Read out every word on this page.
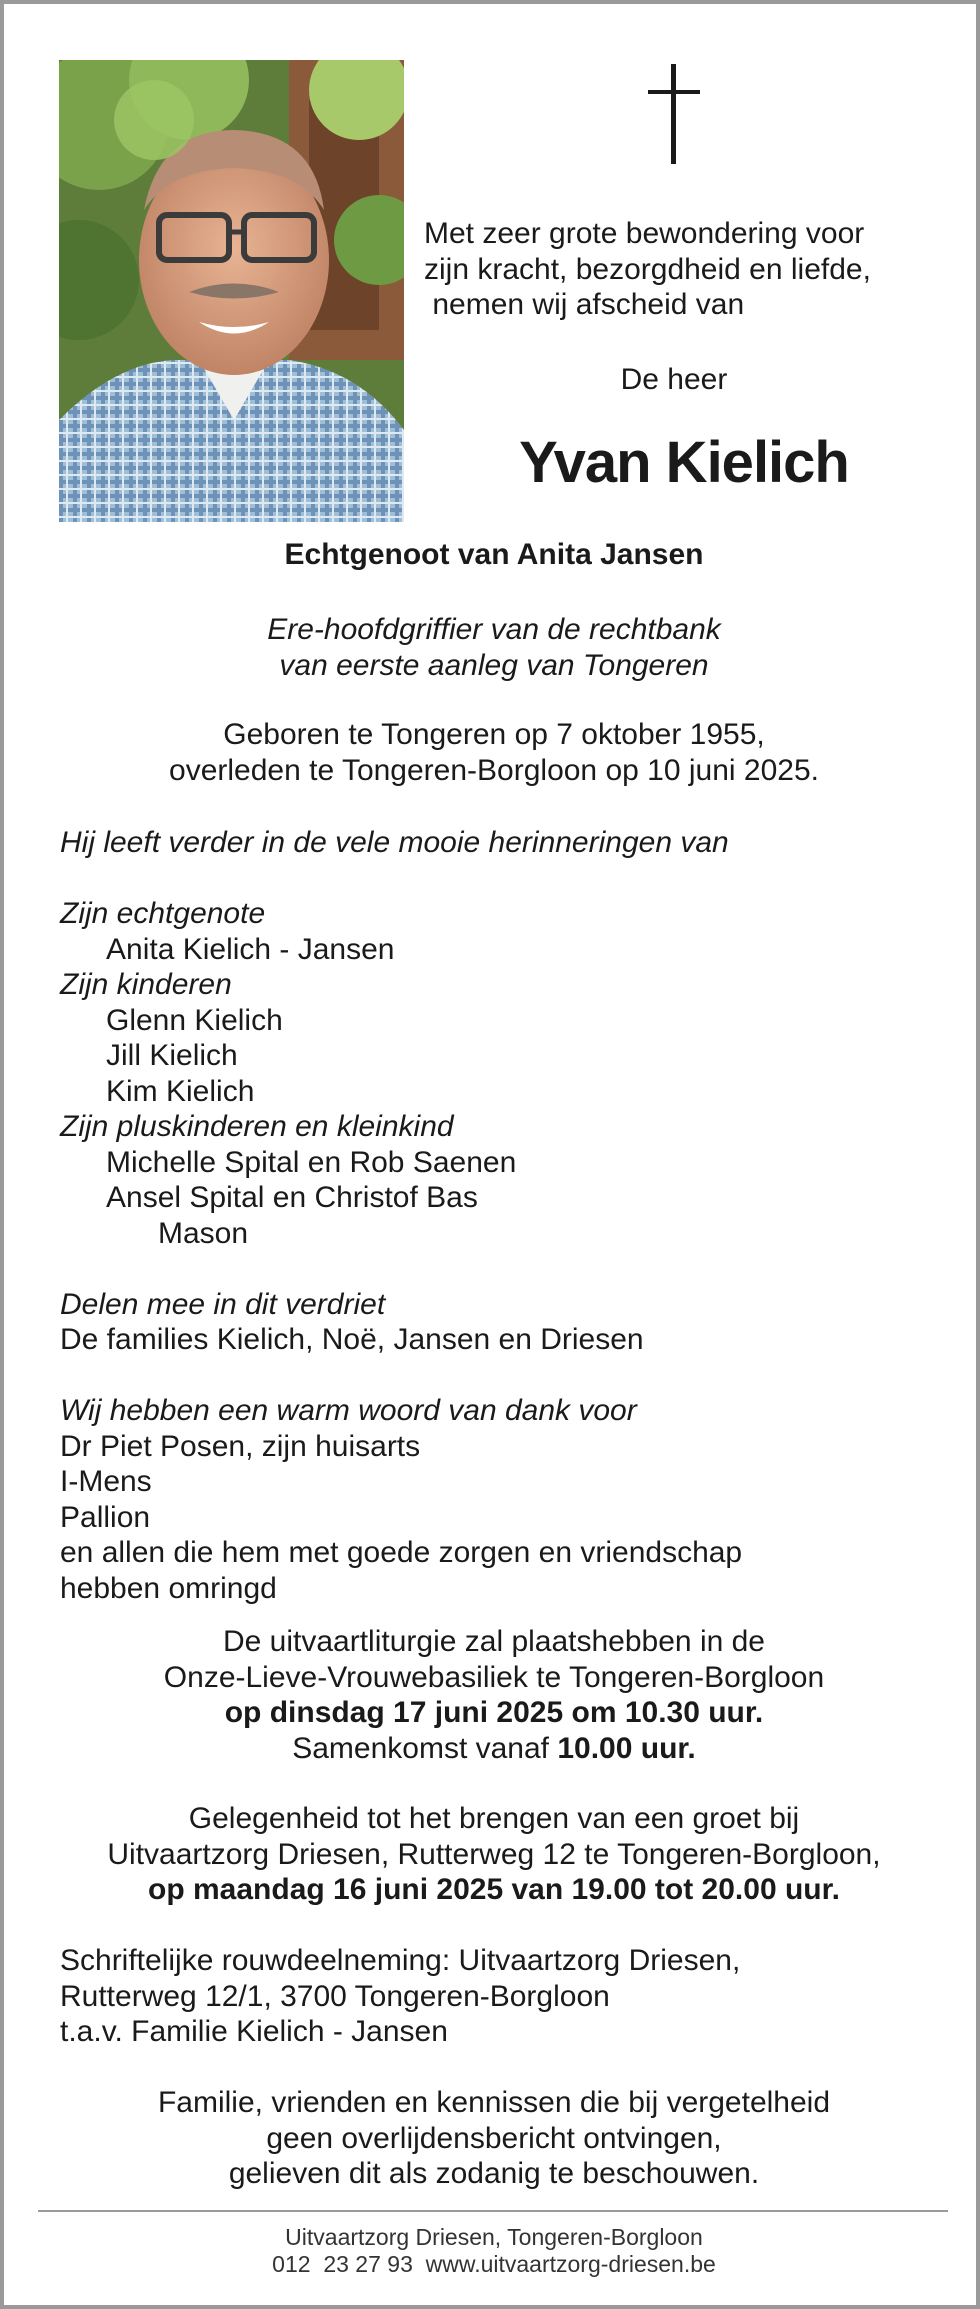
Met zeer grote bewondering voor
zijn kracht, bezorgdheid en liefde,
nemen wij afscheid van
De heer
Yvan Kielich
Echtgenoot van Anita Jansen
Ere-hoofdgriffier van de rechtbank
van eerste aanleg van Tongeren
Geboren te Tongeren op 7 oktober 1955,
overleden te Tongeren-Borgloon op 10 juni 2025.
Hij leeft verder in de vele mooie herinneringen van
Zijn echtgenote
Anita Kielich - Jansen
Zijn kinderen
Glenn Kielich
Jill Kielich
Kim Kielich
Zijn pluskinderen en kleinkind
Michelle Spital en Rob Saenen
Ansel Spital en Christof Bas
Mason
Delen mee in dit verdriet
De families Kielich, Noë, Jansen en Driesen
Wij hebben een warm woord van dank voor
Dr Piet Posen, zijn huisarts
I-Mens
Pallion
en allen die hem met goede zorgen en vriendschap
hebben omringd
De uitvaartliturgie zal plaatshebben in de
Onze-Lieve-Vrouwebasiliek te Tongeren-Borgloon
op dinsdag 17 juni 2025 om 10.30 uur.
Samenkomst vanaf 10.00 uur.
Gelegenheid tot het brengen van een groet bij
Uitvaartzorg Driesen, Rutterweg 12 te Tongeren-Borgloon,
op maandag 16 juni 2025 van 19.00 tot 20.00 uur.
Schriftelijke rouwdeelneming: Uitvaartzorg Driesen,
Rutterweg 12/1, 3700 Tongeren-Borgloon
t.a.v. Familie Kielich - Jansen
Familie, vrienden en kennissen die bij vergetelheid
geen overlijdensbericht ontvingen,
gelieven dit als zodanig te beschouwen.
Uitvaartzorg Driesen, Tongeren-Borgloon
012  23 27 93  www.uitvaartzorg-driesen.be
